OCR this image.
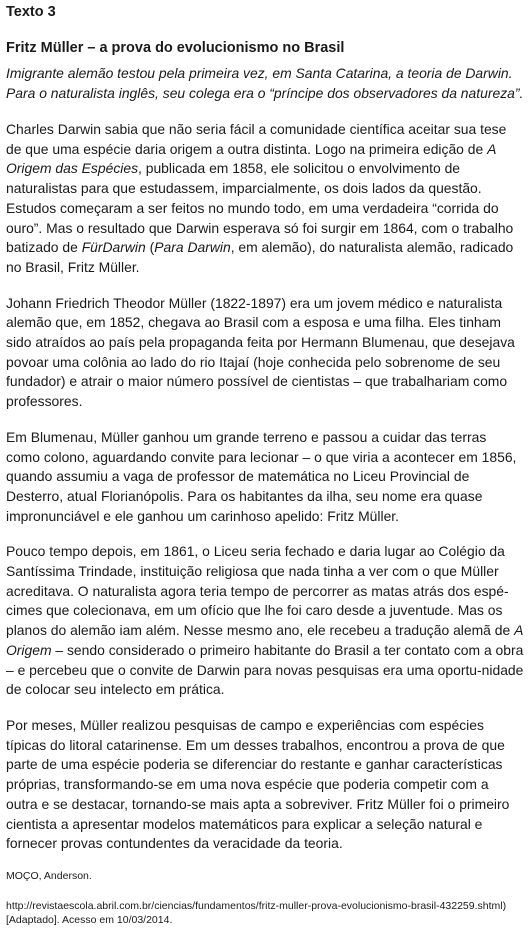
Texto 3
Fritz Müller – a prova do evolucionismo no Brasil
Imigrante alemão testou pela primeira vez, em Santa Catarina, a teoria de Darwin. Para o naturalista inglês, seu colega era o “príncipe dos observadores da natureza”.

Charles Darwin sabia que não seria fácil a comunidade científica aceitar sua tese de que uma espécie daria origem a outra distinta. Logo na primeira edição de A Origem das Espécies, publicada em 1858, ele solicitou o envolvimento de naturalistas para que estudassem, imparcialmente, os dois lados da questão. Estudos começaram a ser feitos no mundo todo, em uma verdadeira “corrida do ouro”. Mas o resultado que Darwin esperava só foi surgir em 1864, com o trabalho batizado de FürDarwin (Para Darwin, em alemão), do naturalista alemão, radicado no Brasil, Fritz Müller.

Johann Friedrich Theodor Müller (1822-1897) era um jovem médico e naturalista alemão que, em 1852, chegava ao Brasil com a esposa e uma filha. Eles tinham sido atraídos ao país pela propaganda feita por Hermann Blumenau, que desejava povoar uma colônia ao lado do rio Itajaí (hoje conhecida pelo sobrenome de seu fundador) e atrair o maior número possível de cientistas – que trabalhariam como professores.

Em Blumenau, Müller ganhou um grande terreno e passou a cuidar das terras como colono, aguardando convite para lecionar – o que viria a acontecer em 1856, quando assumiu a vaga de professor de matemática no Liceu Provincial de Desterro, atual Florianópolis. Para os habitantes da ilha, seu nome era quase impronunciável e ele ganhou um carinhoso apelido: Fritz Müller.

Pouco tempo depois, em 1861, o Liceu seria fechado e daria lugar ao Colégio da Santíssima Trindade, instituição religiosa que nada tinha a ver com o que Müller acreditava. O naturalista agora teria tempo de percorrer as matas atrás dos espé-cimes que colecionava, em um ofício que lhe foi caro desde a juventude. Mas os planos do alemão iam além. Nesse mesmo ano, ele recebeu a tradução alemã de A Origem – sendo considerado o primeiro habitante do Brasil a ter contato com a obra – e percebeu que o convite de Darwin para novas pesquisas era uma oportu-nidade de colocar seu intelecto em prática.

Por meses, Müller realizou pesquisas de campo e experiências com espécies típicas do litoral catarinense. Em um desses trabalhos, encontrou a prova de que parte de uma espécie poderia se diferenciar do restante e ganhar características próprias, transformando-se em uma nova espécie que poderia competir com a outra e se destacar, tornando-se mais apta a sobreviver. Fritz Müller foi o primeiro cientista a apresentar modelos matemáticos para explicar a seleção natural e fornecer provas contundentes da veracidade da teoria.

MOÇO, Anderson.
http://revistaescola.abril.com.br/ciencias/fundamentos/fritz-muller-prova-evolucionismo-brasil-432259.shtml) [Adaptado]. Acesso em 10/03/2014.
